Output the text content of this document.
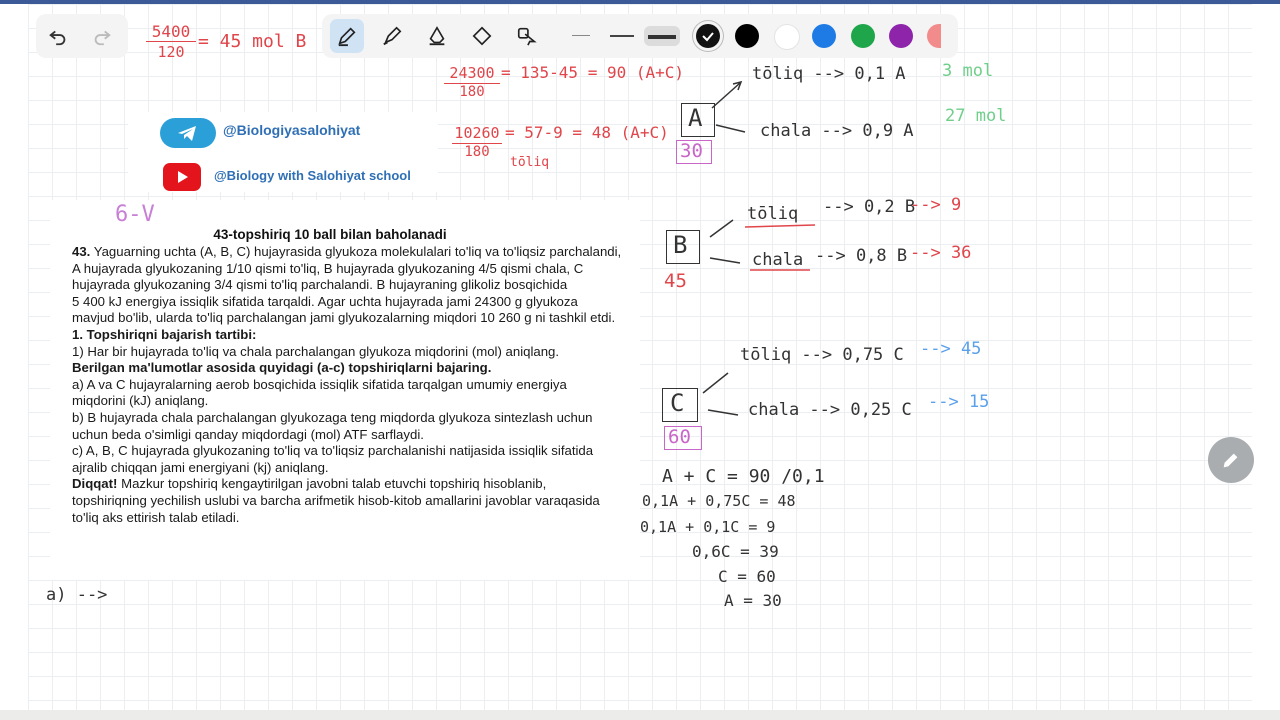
5400
120 = 45 mol B
@Biologiyasalohiyat
@Biology with Salohiyat school
6-V
43-topshiriq 10 ball bilan baholanadi

43. Yaguarning uchta (A, B, C) hujayrasida glyukoza molekulalari to'liq va to'liqsiz parchalandi, A hujayrada glyukozaning 1/10 qismi to'liq, B hujayrada glyukozaning 4/5 qismi chala, C hujayrada glyukozaning 3/4 qismi to'liq parchalandi. B hujayraning glikoliz bosqichida

5 400 kJ energiya issiqlik sifatida tarqaldi. Agar uchta hujayrada jami 24300 g glyukoza mavjud bo'lib, ularda to'liq parchalangan jami glyukozalarning miqdori 10 260 g ni tashkil etdi.

1. Topshiriqni bajarish tartibi:

1) Har bir hujayrada to'liq va chala parchalangan glyukoza miqdorini (mol) aniqlang.

Berilgan ma'lumotlar asosida quyidagi (a-c) topshiriqlarni bajaring.

a) A va C hujayralarning aerob bosqichida issiqlik sifatida tarqalgan umumiy energiya miqdorini (kJ) aniqlang.

b) B hujayrada chala parchalangan glyukozaga teng miqdorda glyukoza sintezlash uchun uchun beda o'simligi qanday miqdordagi (mol) ATF sarflaydi.

c) A, B, C hujayrada glyukozaning to'liq va to'liqsiz parchalanishi natijasida issiqlik sifatida ajralib chiqqan jami energiyani (kj) aniqlang.

Diqqat! Mazkur topshiriq kengaytirilgan javobni talab etuvchi topshiriq hisoblanib, topshiriqning yechilish uslubi va barcha arifmetik hisob-kitob amallarini javoblar varaqasida to'liq aks ettirish talab etiladi.

a) -->
24300
180
= 135-45 = 90 (A+C)
10260
180
= 57-9 = 48 (A+C)
tōliq
A
30
tōliq --> 0,1 A
chala --> 0,9 A
3 mol
27 mol
B
45
tōliq --> 0,2 B
--> 9
chala --> 0,8 B --> 36
C
60
tōliq --> 0,75 C --> 45
chala --> 0,25 C --> 15
A + C = 90 /0,1
0,1A + 0,75C = 48
0,1A + 0,1C = 9
0,6C = 39
C = 60
A = 30
